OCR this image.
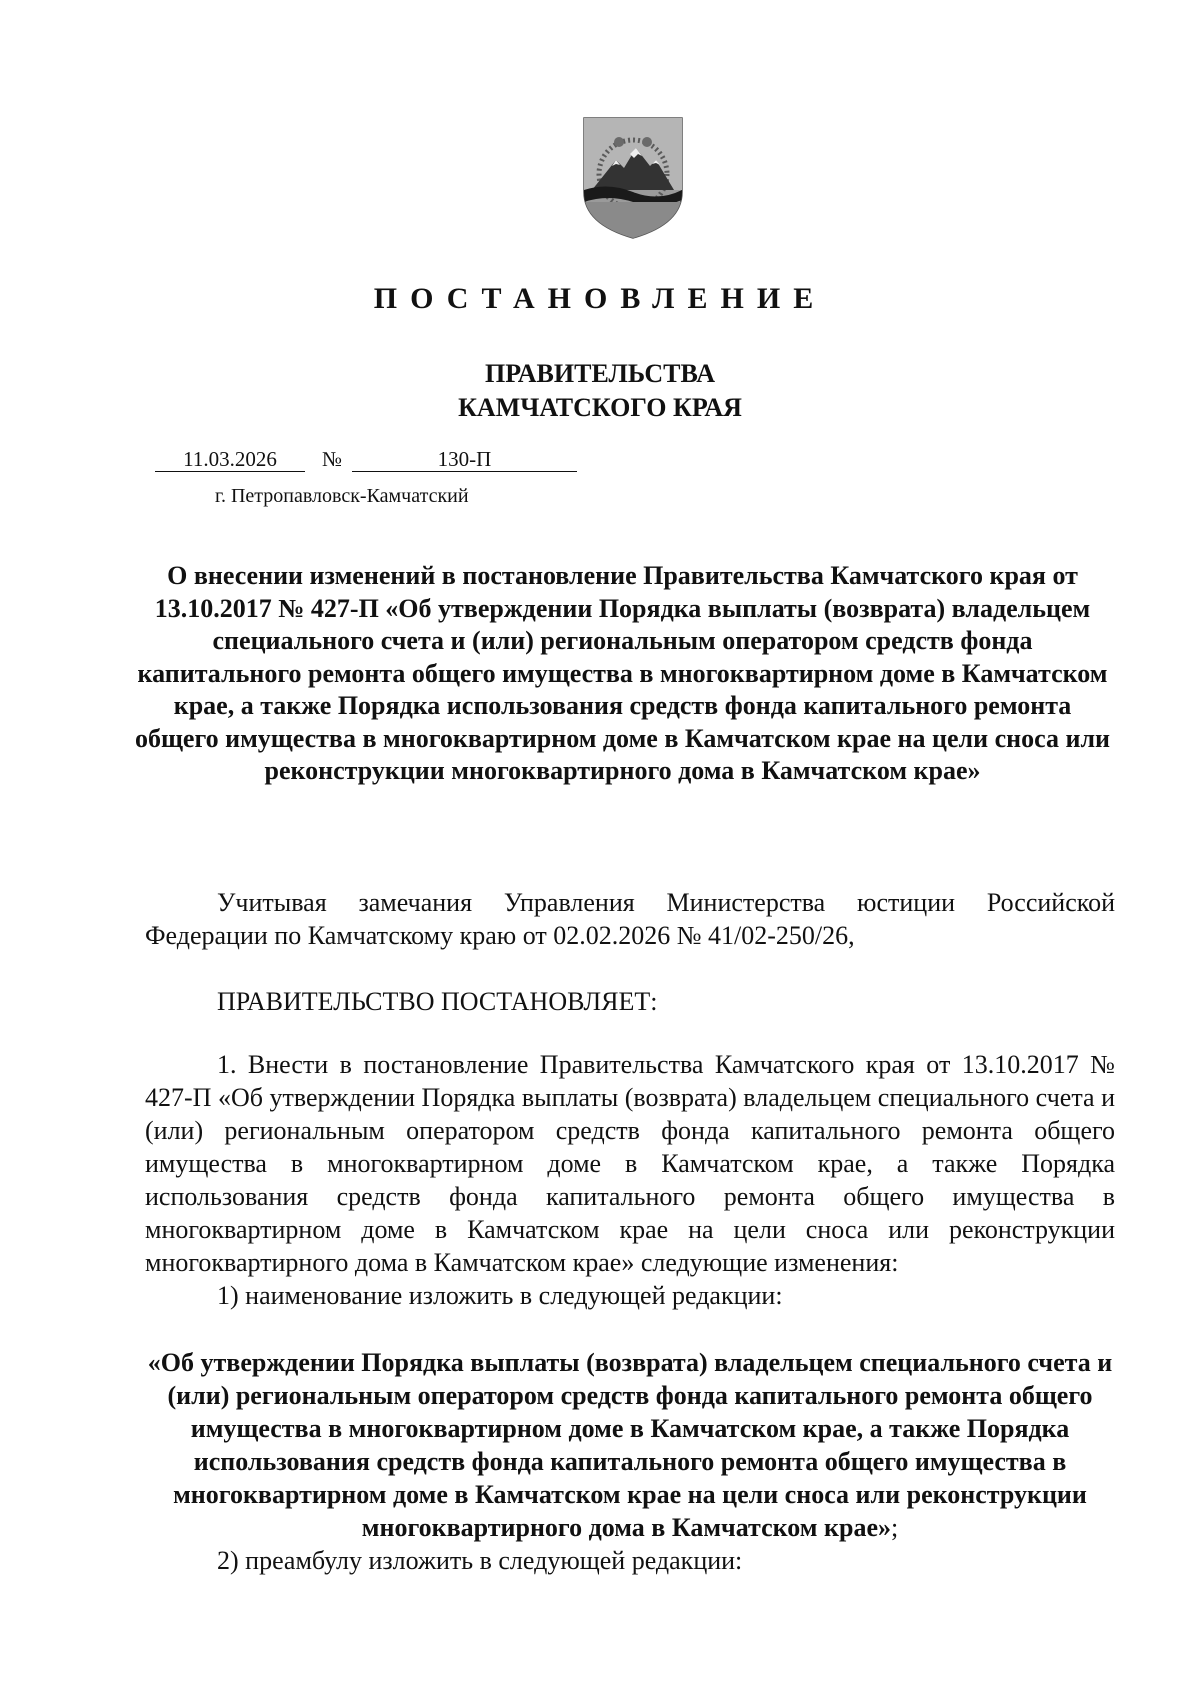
ПОСТАНОВЛЕНИЕ
ПРАВИТЕЛЬСТВА
КАМЧАТСКОГО КРАЯ
11.03.2026	№	130-П
г. Петропавловск-Камчатский
О внесении изменений в постановление Правительства Камчатского края от 13.10.2017 № 427-П «Об утверждении Порядка выплаты (возврата) владельцем специального счета и (или) региональным оператором средств фонда капитального ремонта общего имущества в многоквартирном доме в Камчатском крае, а также Порядка использования средств фонда капитального ремонта общего имущества в многоквартирном доме в Камчатском крае на цели сноса или реконструкции многоквартирного дома в Камчатском крае»

Учитывая замечания Управления Министерства юстиции Российской Федерации по Камчатскому краю от 02.02.2026 № 41/02-250/26,

ПРАВИТЕЛЬСТВО ПОСТАНОВЛЯЕТ:

1. Внести в постановление Правительства Камчатского края от 13.10.2017 № 427-П «Об утверждении Порядка выплаты (возврата) владельцем специального счета и (или) региональным оператором средств фонда капитального ремонта общего имущества в многоквартирном доме в Камчатском крае, а также Порядка использования средств фонда капитального ремонта общего имущества в многоквартирном доме в Камчатском крае на цели сноса или реконструкции многоквартирного дома в Камчатском крае» следующие изменения:

1) наименование изложить в следующей редакции:

«Об утверждении Порядка выплаты (возврата) владельцем специального счета и (или) региональным оператором средств фонда капитального ремонта общего имущества в многоквартирном доме в Камчатском крае, а также Порядка использования средств фонда капитального ремонта общего имущества в многоквартирном доме в Камчатском крае на цели сноса или реконструкции многоквартирного дома в Камчатском крае»;

2) преамбулу изложить в следующей редакции:
